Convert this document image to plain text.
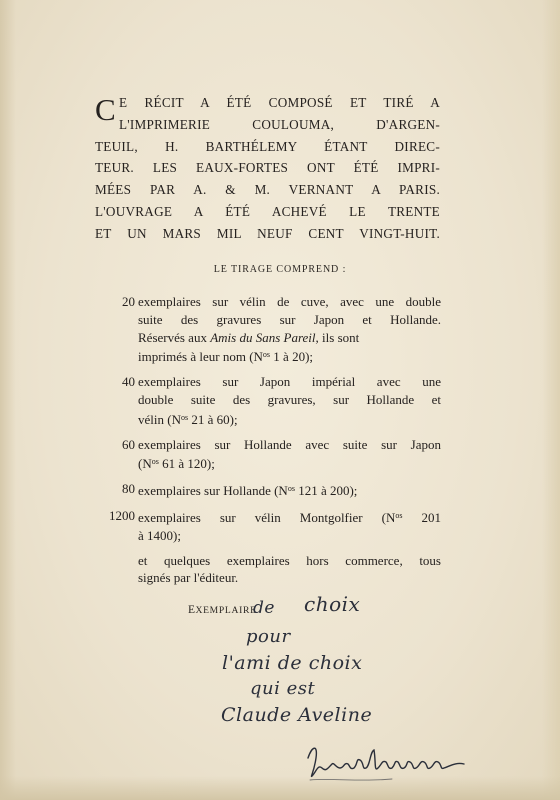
C E RÉCIT A ÉTÉ COMPOSÉ ET TIRÉ A
L'IMPRIMERIE COULOUMA, D'ARGEN-
TEUIL, H. BARTHÉLEMY ÉTANT DIREC-
TEUR. LES EAUX-FORTES ONT ÉTÉ IMPRI-
MÉES PAR A. & M. VERNANT A PARIS.
L'OUVRAGE A ÉTÉ ACHEVÉ LE TRENTE
ET UN MARS MIL NEUF CENT VINGT-HUIT.
LE TIRAGE COMPREND :
20 exemplaires sur vélin de cuve, avec une double
suite des gravures sur Japon et Hollande.
Réservés aux Amis du Sans Pareil, ils sont
imprimés à leur nom ($N^{os}$ 1 à 20);
40 exemplaires sur Japon impérial avec une
double suite des gravures, sur Hollande et
vélin ($N^{os}$ 21 à 60);
60 exemplaires sur Hollande avec suite sur Japon
($N^{os}$ 61 à 120);
80 exemplaires sur Hollande ($N^{os}$ 121 à 200);
1200 exemplaires sur vélin Montgolfier ($N^{os}$ 201
à 1400);
et quelques exemplaires hors commerce, tous
signés par l'éditeur.
EXEMPLAIRE
de choix
pour
l'ami de choix
qui est
Claude Aveline
